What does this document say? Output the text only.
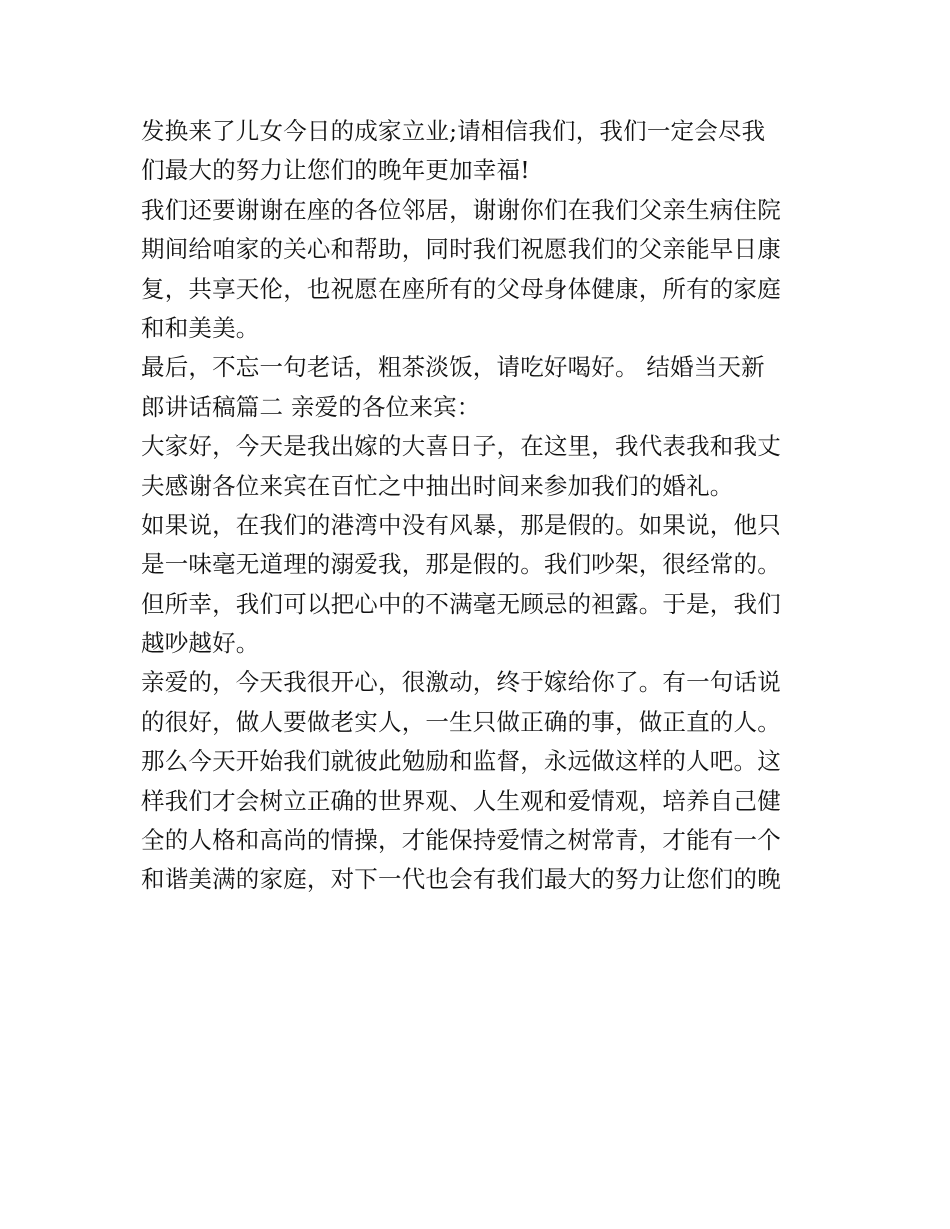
发换来了儿女今日的成家立业;请相信我们，我们一定会尽我
们最大的努力让您们的晚年更加幸福!
我们还要谢谢在座的各位邻居，谢谢你们在我们父亲生病住院
期间给咱家的关心和帮助，同时我们祝愿我们的父亲能早日康
复，共享天伦，也祝愿在座所有的父母身体健康，所有的家庭
和和美美。
最后，不忘一句老话，粗茶淡饭，请吃好喝好。 结婚当天新
郎讲话稿篇二 亲爱的各位来宾：
大家好，今天是我出嫁的大喜日子，在这里，我代表我和我丈
夫感谢各位来宾在百忙之中抽出时间来参加我们的婚礼。
如果说，在我们的港湾中没有风暴，那是假的。如果说，他只
是一味毫无道理的溺爱我，那是假的。我们吵架，很经常的。
但所幸，我们可以把心中的不满毫无顾忌的袒露。于是，我们
越吵越好。
亲爱的，今天我很开心，很激动，终于嫁给你了。有一句话说
的很好，做人要做老实人，一生只做正确的事，做正直的人。
那么今天开始我们就彼此勉励和监督，永远做这样的人吧。这
样我们才会树立正确的世界观、人生观和爱情观，培养自己健
全的人格和高尚的情操，才能保持爱情之树常青，才能有一个
和谐美满的家庭，对下一代也会有我们最大的努力让您们的晚
